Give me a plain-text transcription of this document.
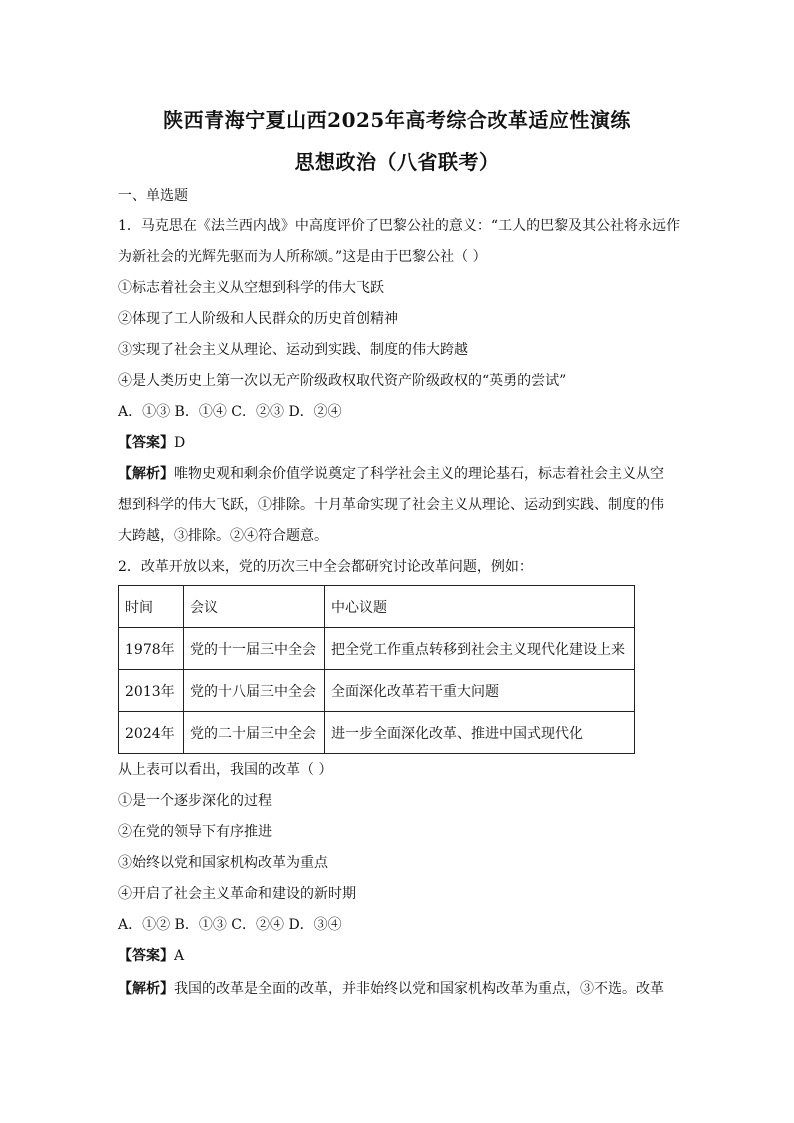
陕西青海宁夏山西2025年高考综合改革适应性演练
思想政治（八省联考）
一、单选题
1．马克思在《法兰西内战》中高度评价了巴黎公社的意义：“工人的巴黎及其公社将永远作
为新社会的光辉先驱而为人所称颂。”这是由于巴黎公社（ ）
①标志着社会主义从空想到科学的伟大飞跃
②体现了工人阶级和人民群众的历史首创精神
③实现了社会主义从理论、运动到实践、制度的伟大跨越
④是人类历史上第一次以无产阶级政权取代资产阶级政权的“英勇的尝试”
A．①③ B．①④ C．②③ D．②④
【答案】D
【解析】唯物史观和剩余价值学说奠定了科学社会主义的理论基石，标志着社会主义从空
想到科学的伟大飞跃，①排除。十月革命实现了社会主义从理论、运动到实践、制度的伟
大跨越，③排除。②④符合题意。
2．改革开放以来，党的历次三中全会都研究讨论改革问题，例如：
时间	会议	中心议题
1978年	党的十一届三中全会	把全党工作重点转移到社会主义现代化建设上来
2013年	党的十八届三中全会	全面深化改革若干重大问题
2024年	党的二十届三中全会	进一步全面深化改革、推进中国式现代化
从上表可以看出，我国的改革（ ）
①是一个逐步深化的过程
②在党的领导下有序推进
③始终以党和国家机构改革为重点
④开启了社会主义革命和建设的新时期
A．①② B．①③ C．②④ D．③④
【答案】A
【解析】我国的改革是全面的改革，并非始终以党和国家机构改革为重点，③不选。改革
